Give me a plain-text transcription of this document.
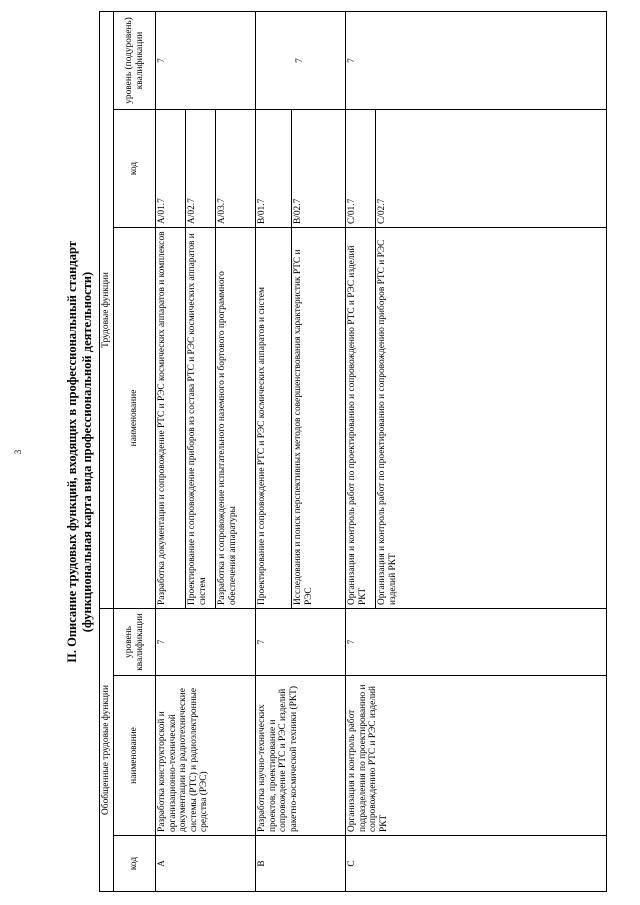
3	II. Описание трудовых функций, входящих в профессиональный стандарт (функциональная карта вида профессиональной деятельности)
Обобщенные трудовые функции			Трудовые функции		
код	наименование	уровень квалификации	наименование	код	уровень (подуровень) квалификации
А	Разработка конструкторской и организационно-технической документации на радиотехнические системы (РТС) и радиоэлектронные средства (РЭС)	7	Разработка документации и сопровождение РТС и РЭС космических аппаратов и комплексов	А/01.7	7
			Проектирование и сопровождение приборов из состава РТС и РЭС космических аппаратов и систем	А/02.7	
			Разработка и сопровождение испытательного наземного и бортового программного обеспечения аппаратуры	А/03.7	
В	Разработка научно-технических проектов, проектирование и сопровождение РТС и РЭС изделий ракетно-космической техники (РКТ)	7	Проектирование и сопровождение РТС и РЭС космических аппаратов и систем	В/01.7	7
			Исследования и поиск перспективных методов совершенствования характеристик РТС и РЭС	В/02.7	
С	Организация и контроль работ подразделения по проектированию и сопровождению РТС и РЭС изделий РКТ	7	Организация и контроль работ по проектированию и сопровождению РТС и РЭС изделий РКТ	С/01.7	7
			Организация и контроль работ по проектированию и сопровождению приборов РТС и РЭС изделий РКТ	С/02.7	
